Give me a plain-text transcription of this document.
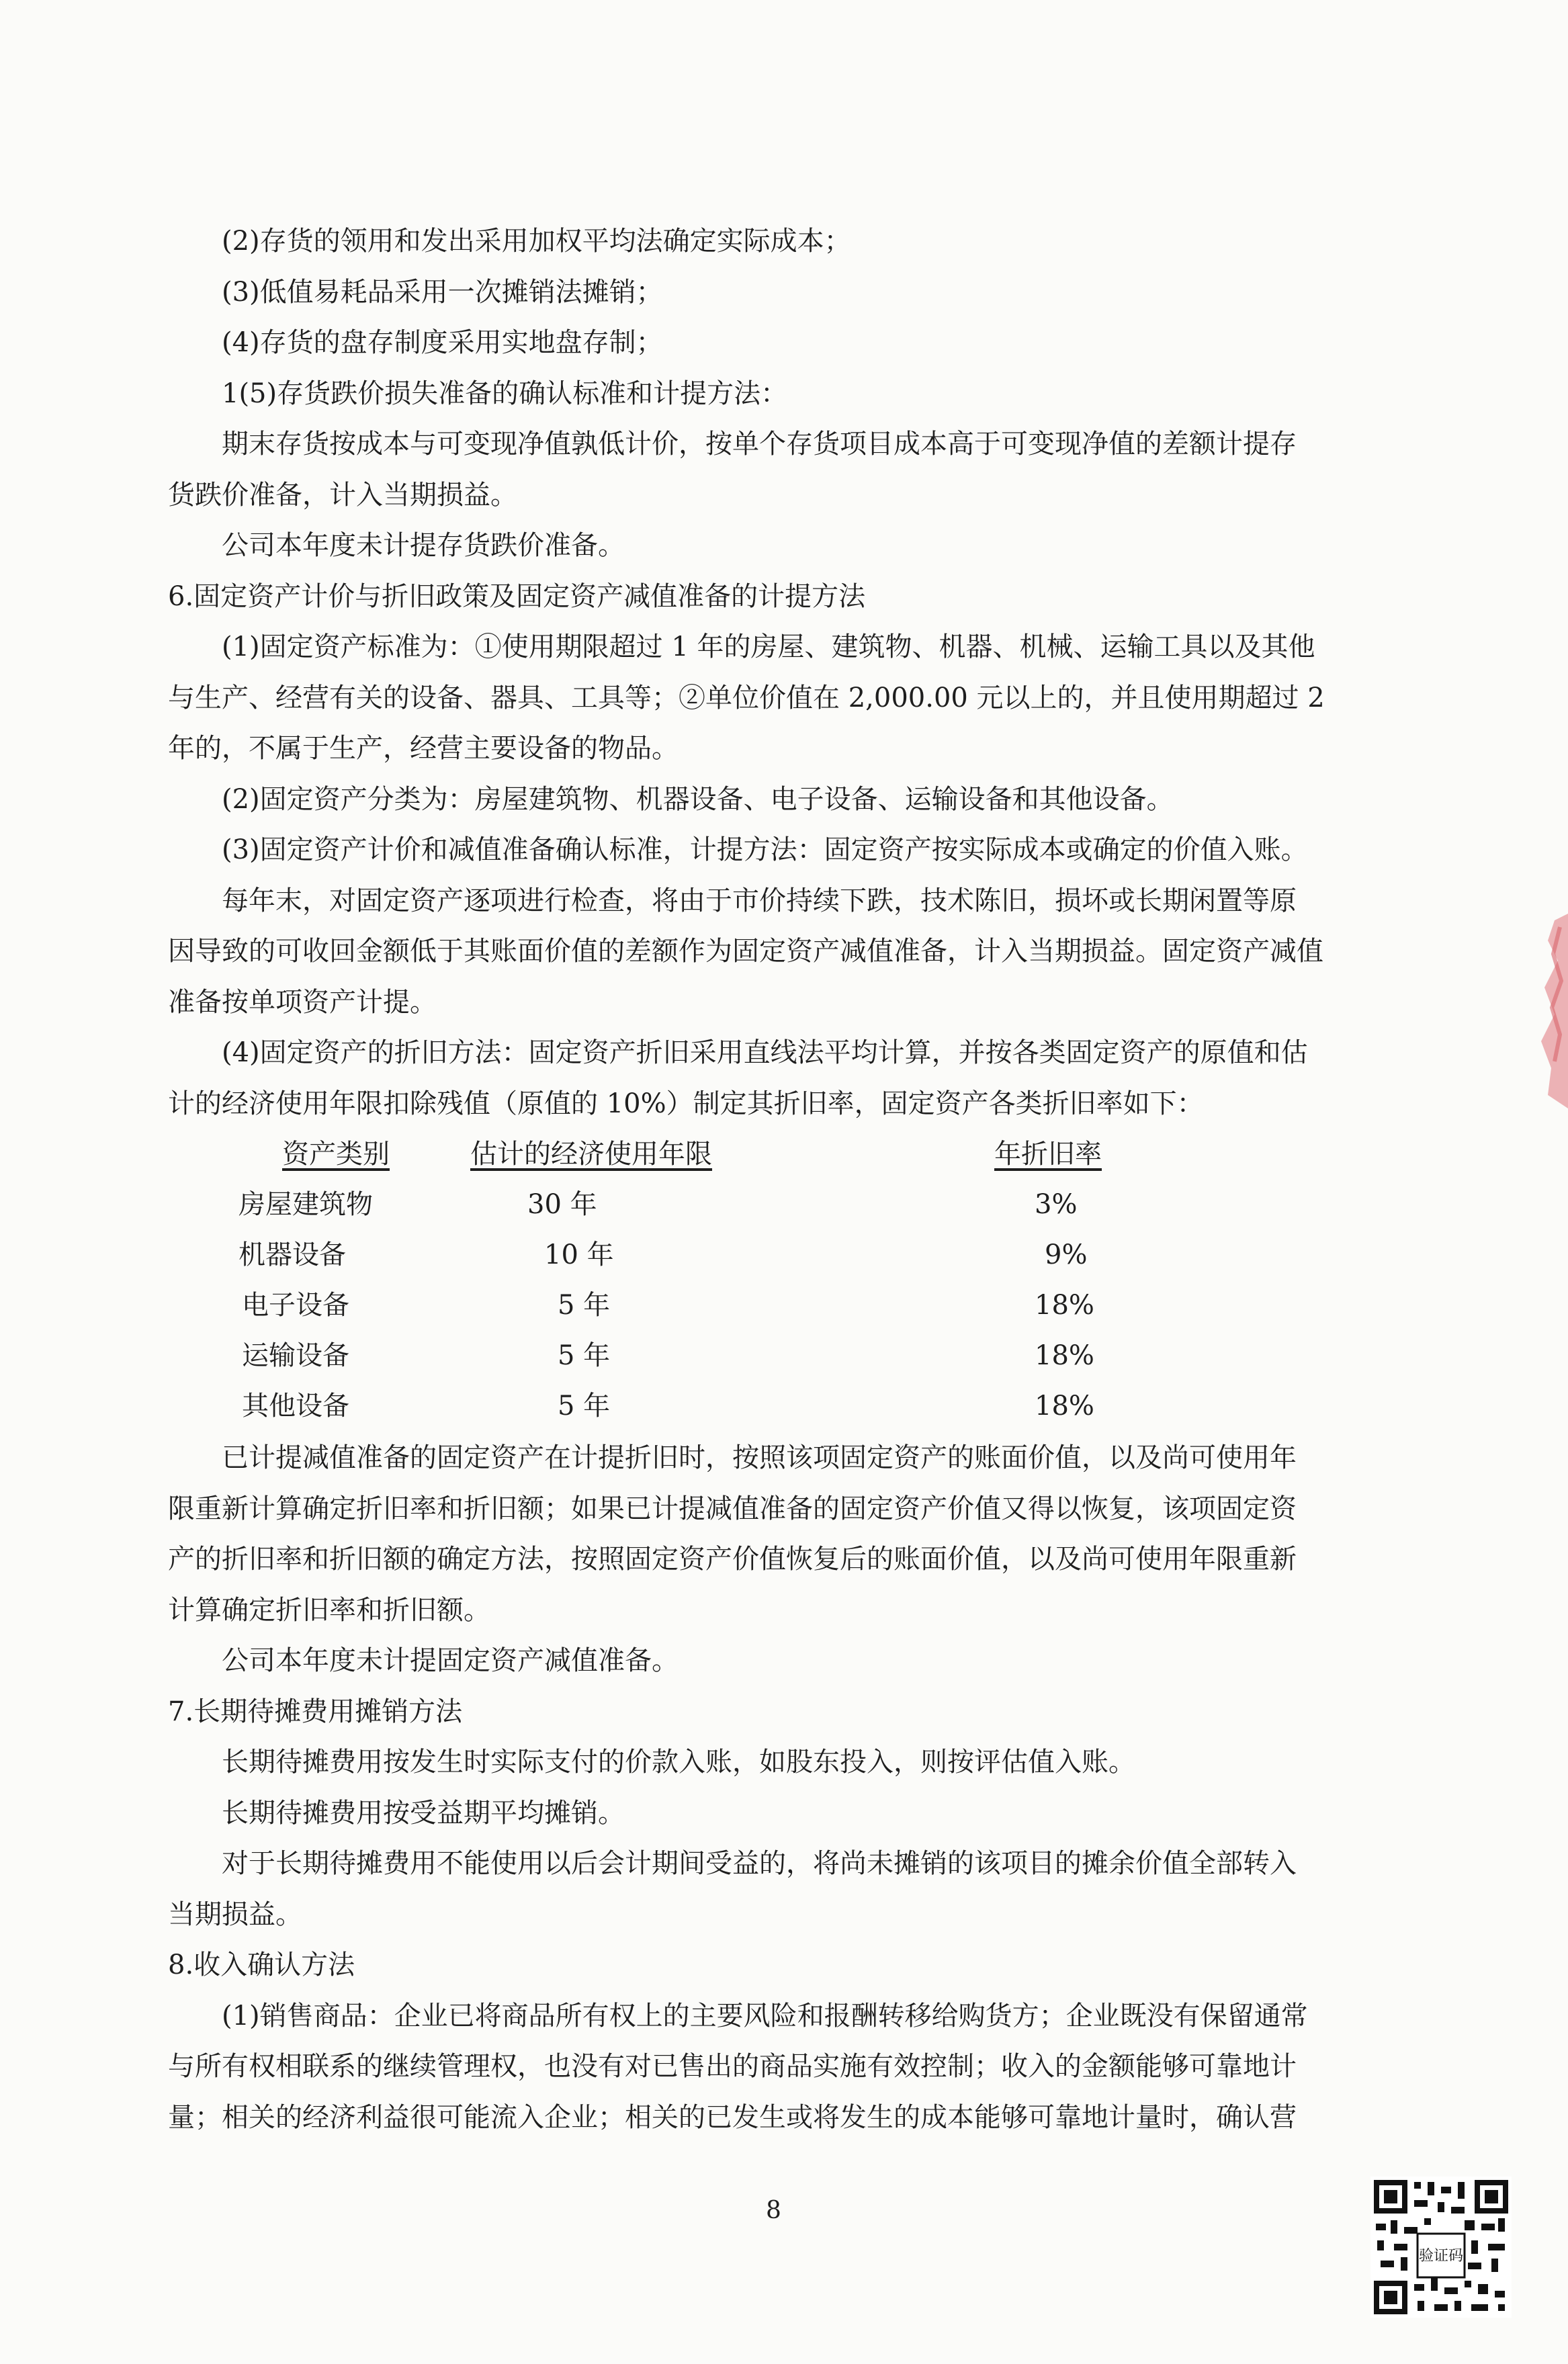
(2)存货的领用和发出采用加权平均法确定实际成本；

(3)低值易耗品采用一次摊销法摊销；

(4)存货的盘存制度采用实地盘存制；

1(5)存货跌价损失准备的确认标准和计提方法：

期末存货按成本与可变现净值孰低计价，按单个存货项目成本高于可变现净值的差额计提存

货跌价准备，计入当期损益。

公司本年度未计提存货跌价准备。

6.固定资产计价与折旧政策及固定资产减值准备的计提方法

(1)固定资产标准为：①使用期限超过 1 年的房屋、建筑物、机器、机械、运输工具以及其他

与生产、经营有关的设备、器具、工具等；②单位价值在 2,000.00 元以上的，并且使用期超过 2

年的，不属于生产，经营主要设备的物品。

(2)固定资产分类为：房屋建筑物、机器设备、电子设备、运输设备和其他设备。

(3)固定资产计价和减值准备确认标准，计提方法：固定资产按实际成本或确定的价值入账。

每年末，对固定资产逐项进行检查，将由于市价持续下跌，技术陈旧，损坏或长期闲置等原

因导致的可收回金额低于其账面价值的差额作为固定资产减值准备，计入当期损益。固定资产减值

准备按单项资产计提。

(4)固定资产的折旧方法：固定资产折旧采用直线法平均计算，并按各类固定资产的原值和估

计的经济使用年限扣除残值（原值的 10%）制定其折旧率，固定资产各类折旧率如下：

资产类别	估计的经济使用年限	年折旧率
房屋建筑物	30 年	3%
机器设备	10 年	9%
电子设备	5 年	18%
运输设备	5 年	18%
其他设备	5 年	18%

已计提减值准备的固定资产在计提折旧时，按照该项固定资产的账面价值，以及尚可使用年

限重新计算确定折旧率和折旧额；如果已计提减值准备的固定资产价值又得以恢复，该项固定资

产的折旧率和折旧额的确定方法，按照固定资产价值恢复后的账面价值，以及尚可使用年限重新

计算确定折旧率和折旧额。

公司本年度未计提固定资产减值准备。

7.长期待摊费用摊销方法

长期待摊费用按发生时实际支付的价款入账，如股东投入，则按评估值入账。

长期待摊费用按受益期平均摊销。

对于长期待摊费用不能使用以后会计期间受益的，将尚未摊销的该项目的摊余价值全部转入

当期损益。

8.收入确认方法

(1)销售商品：企业已将商品所有权上的主要风险和报酬转移给购货方；企业既没有保留通常

与所有权相联系的继续管理权，也没有对已售出的商品实施有效控制；收入的金额能够可靠地计

量；相关的经济利益很可能流入企业；相关的已发生或将发生的成本能够可靠地计量时，确认营

8
验证码
